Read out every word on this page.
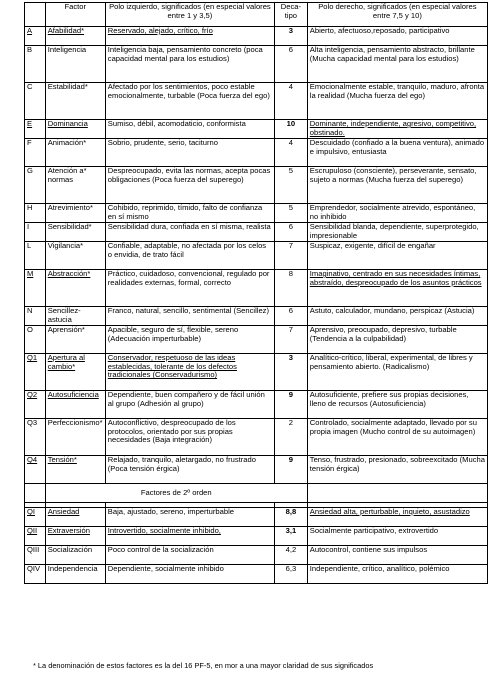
	Factor	Polo izquierdo, significados (en especial valores entre 1 y 3,5)	Deca-tipo	Polo derecho, significados (en especial valores entre 7,5 y 10)
A	Afabilidad*	Reservado, alejado, crítico, frío	3	Abierto, afectuoso,reposado, participativo
B	Inteligencia	Inteligencia baja, pensamiento concreto (poca capacidad mental para los estudios)	6	Alta inteligencia, pensamiento abstracto, brillante (Mucha capacidad mental para los estudios)
C	Estabilidad*	Afectado por los sentimientos, poco estable emocionalmente, turbable (Poca fuerza del ego)	4	Emocionalmente estable, tranquilo, maduro, afronta la realidad (Mucha fuerza del ego)
E	Dominancia	Sumiso, débil, acomodaticio, conformista	10	Dominante, independiente, agresivo, competitivo, obstinado.
F	Animación*	Sobrio, prudente, serio, taciturno	4	Descuidado (confiado a la buena ventura), animado e impulsivo, entusiasta
G	Atención a* normas	Despreocupado, evita las normas, acepta pocas obligaciones (Poca fuerza del superego)	5	Escrupuloso (consciente), perseverante, sensato, sujeto a normas (Mucha fuerza del superego)
H	Atrevimiento*	Cohibido, reprimido, tímido, falto de confianza en sí mismo	5	Emprendedor, socialmente atrevido, espontáneo, no inhibido
I	Sensibilidad*	Sensibilidad dura, confiada en sí misma, realista	6	Sensibilidad blanda, dependiente, superprotegido, impresionable
L	Vigilancia*	Confiable, adaptable, no afectada por los celos o envidia, de trato fácil	7	Suspicaz, exigente, difícil de engañar
M	Abstracción*	Práctico, cuidadoso, convencional, regulado por realidades externas, formal, correcto	8	Imaginativo, centrado en sus necesidades íntimas, abstraído, despreocupado de los asuntos prácticos
N	Sencillez-astucia	Franco, natural, sencillo, sentimental (Sencillez)	6	Astuto, calculador, mundano, perspicaz (Astucia)
O	Aprensión*	Apacible, seguro de sí, flexible, sereno (Adecuación imperturbable)	7	Aprensivo, preocupado, depresivo, turbable (Tendencia a la culpabilidad)
Q1	Apertura al cambio*	Conservador, respetuoso de las ideas establecidas, tolerante de los defectos tradicionales (Conservadurismo)	3	Analítico-crítico, liberal, experimental, de libres y pensamiento abierto. (Radicalismo)
Q2	Autosuficiencia	Dependiente, buen compañero y de fácil unión al grupo (Adhesión al grupo)	9	Autosuficiente, prefiere sus propias decisiones, lleno de recursos (Autosuficiencia)
Q3	Perfeccionismo*	Autoconflictivo, despreocupado de los protocolos, orientado por sus propias necesidades (Baja integración)	2	Controlado, socialmente adaptado, llevado por su propia imagen (Mucho control de su autoimagen)
Q4	Tensión*	Relajado, tranquilo, aletargado, no frustrado (Poca tensión érgica)	9	Tenso, frustrado, presionado, sobreexcitado (Mucha tensión érgica)
	Factores de 2º orden			

QI	Ansiedad	Baja, ajustado, sereno, imperturbable	8,8	Ansiedad alta, perturbable, inquieto, asustadizo
QII	Extraversión	Introvertido, socialmente inhibido,	3,1	Socialmente participativo, extrovertido
QIII	Socialización	Poco control de la socialización	4,2	Autocontrol, contiene sus impulsos
QIV	Independencia	Dependiente, socialmente inhibido	6,3	Independiente, crítico, analítico, polémico
* La denominación de estos factores es la del 16 PF-5, en mor a una mayor claridad de sus significados
